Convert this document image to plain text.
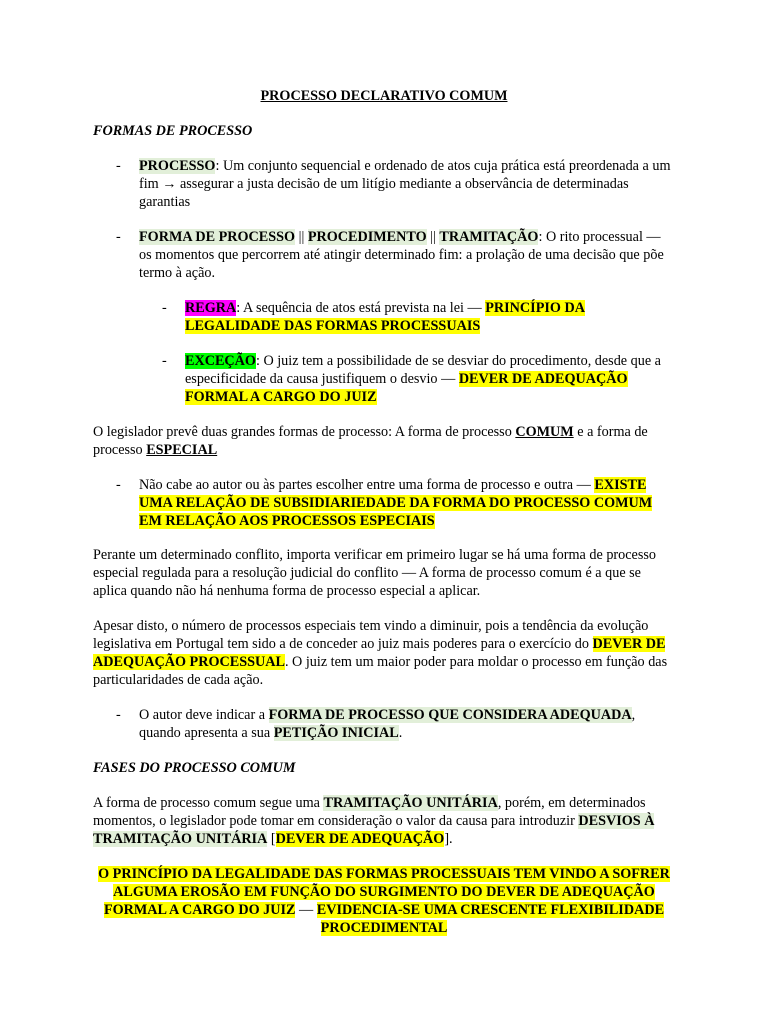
PROCESSO DECLARATIVO COMUM
FORMAS DE PROCESSO
- PROCESSO: Um conjunto sequencial e ordenado de atos cuja prática está preordenada a um
fim → assegurar a justa decisão de um litígio mediante a observância de determinadas
garantias
- FORMA DE PROCESSO || PROCEDIMENTO || TRAMITAÇÃO: O rito processual —
os momentos que percorrem até atingir determinado fim: a prolação de uma decisão que põe
termo à ação.
- REGRA: A sequência de atos está prevista na lei — PRINCÍPIO DA
LEGALIDADE DAS FORMAS PROCESSUAIS
- EXCEÇÃO: O juiz tem a possibilidade de se desviar do procedimento, desde que a
especificidade da causa justifiquem o desvio — DEVER DE ADEQUAÇÃO
FORMAL A CARGO DO JUIZ
O legislador prevê duas grandes formas de processo: A forma de processo COMUM e a forma de
processo ESPECIAL
- Não cabe ao autor ou às partes escolher entre uma forma de processo e outra — EXISTE
UMA RELAÇÃO DE SUBSIDIARIEDADE DA FORMA DO PROCESSO COMUM
EM RELAÇÃO AOS PROCESSOS ESPECIAIS
Perante um determinado conflito, importa verificar em primeiro lugar se há uma forma de processo
especial regulada para a resolução judicial do conflito — A forma de processo comum é a que se
aplica quando não há nenhuma forma de processo especial a aplicar.
Apesar disto, o número de processos especiais tem vindo a diminuir, pois a tendência da evolução
legislativa em Portugal tem sido a de conceder ao juiz mais poderes para o exercício do DEVER DE
ADEQUAÇÃO PROCESSUAL. O juiz tem um maior poder para moldar o processo em função das
particularidades de cada ação.
- O autor deve indicar a FORMA DE PROCESSO QUE CONSIDERA ADEQUADA,
quando apresenta a sua PETIÇÃO INICIAL.
FASES DO PROCESSO COMUM
A forma de processo comum segue uma TRAMITAÇÃO UNITÁRIA, porém, em determinados
momentos, o legislador pode tomar em consideração o valor da causa para introduzir DESVIOS À
TRAMITAÇÃO UNITÁRIA [DEVER DE ADEQUAÇÃO].
O PRINCÍPIO DA LEGALIDADE DAS FORMAS PROCESSUAIS TEM VINDO A SOFRER
ALGUMA EROSÃO EM FUNÇÃO DO SURGIMENTO DO DEVER DE ADEQUAÇÃO
FORMAL A CARGO DO JUIZ — EVIDENCIA-SE UMA CRESCENTE FLEXIBILIDADE
PROCEDIMENTAL
